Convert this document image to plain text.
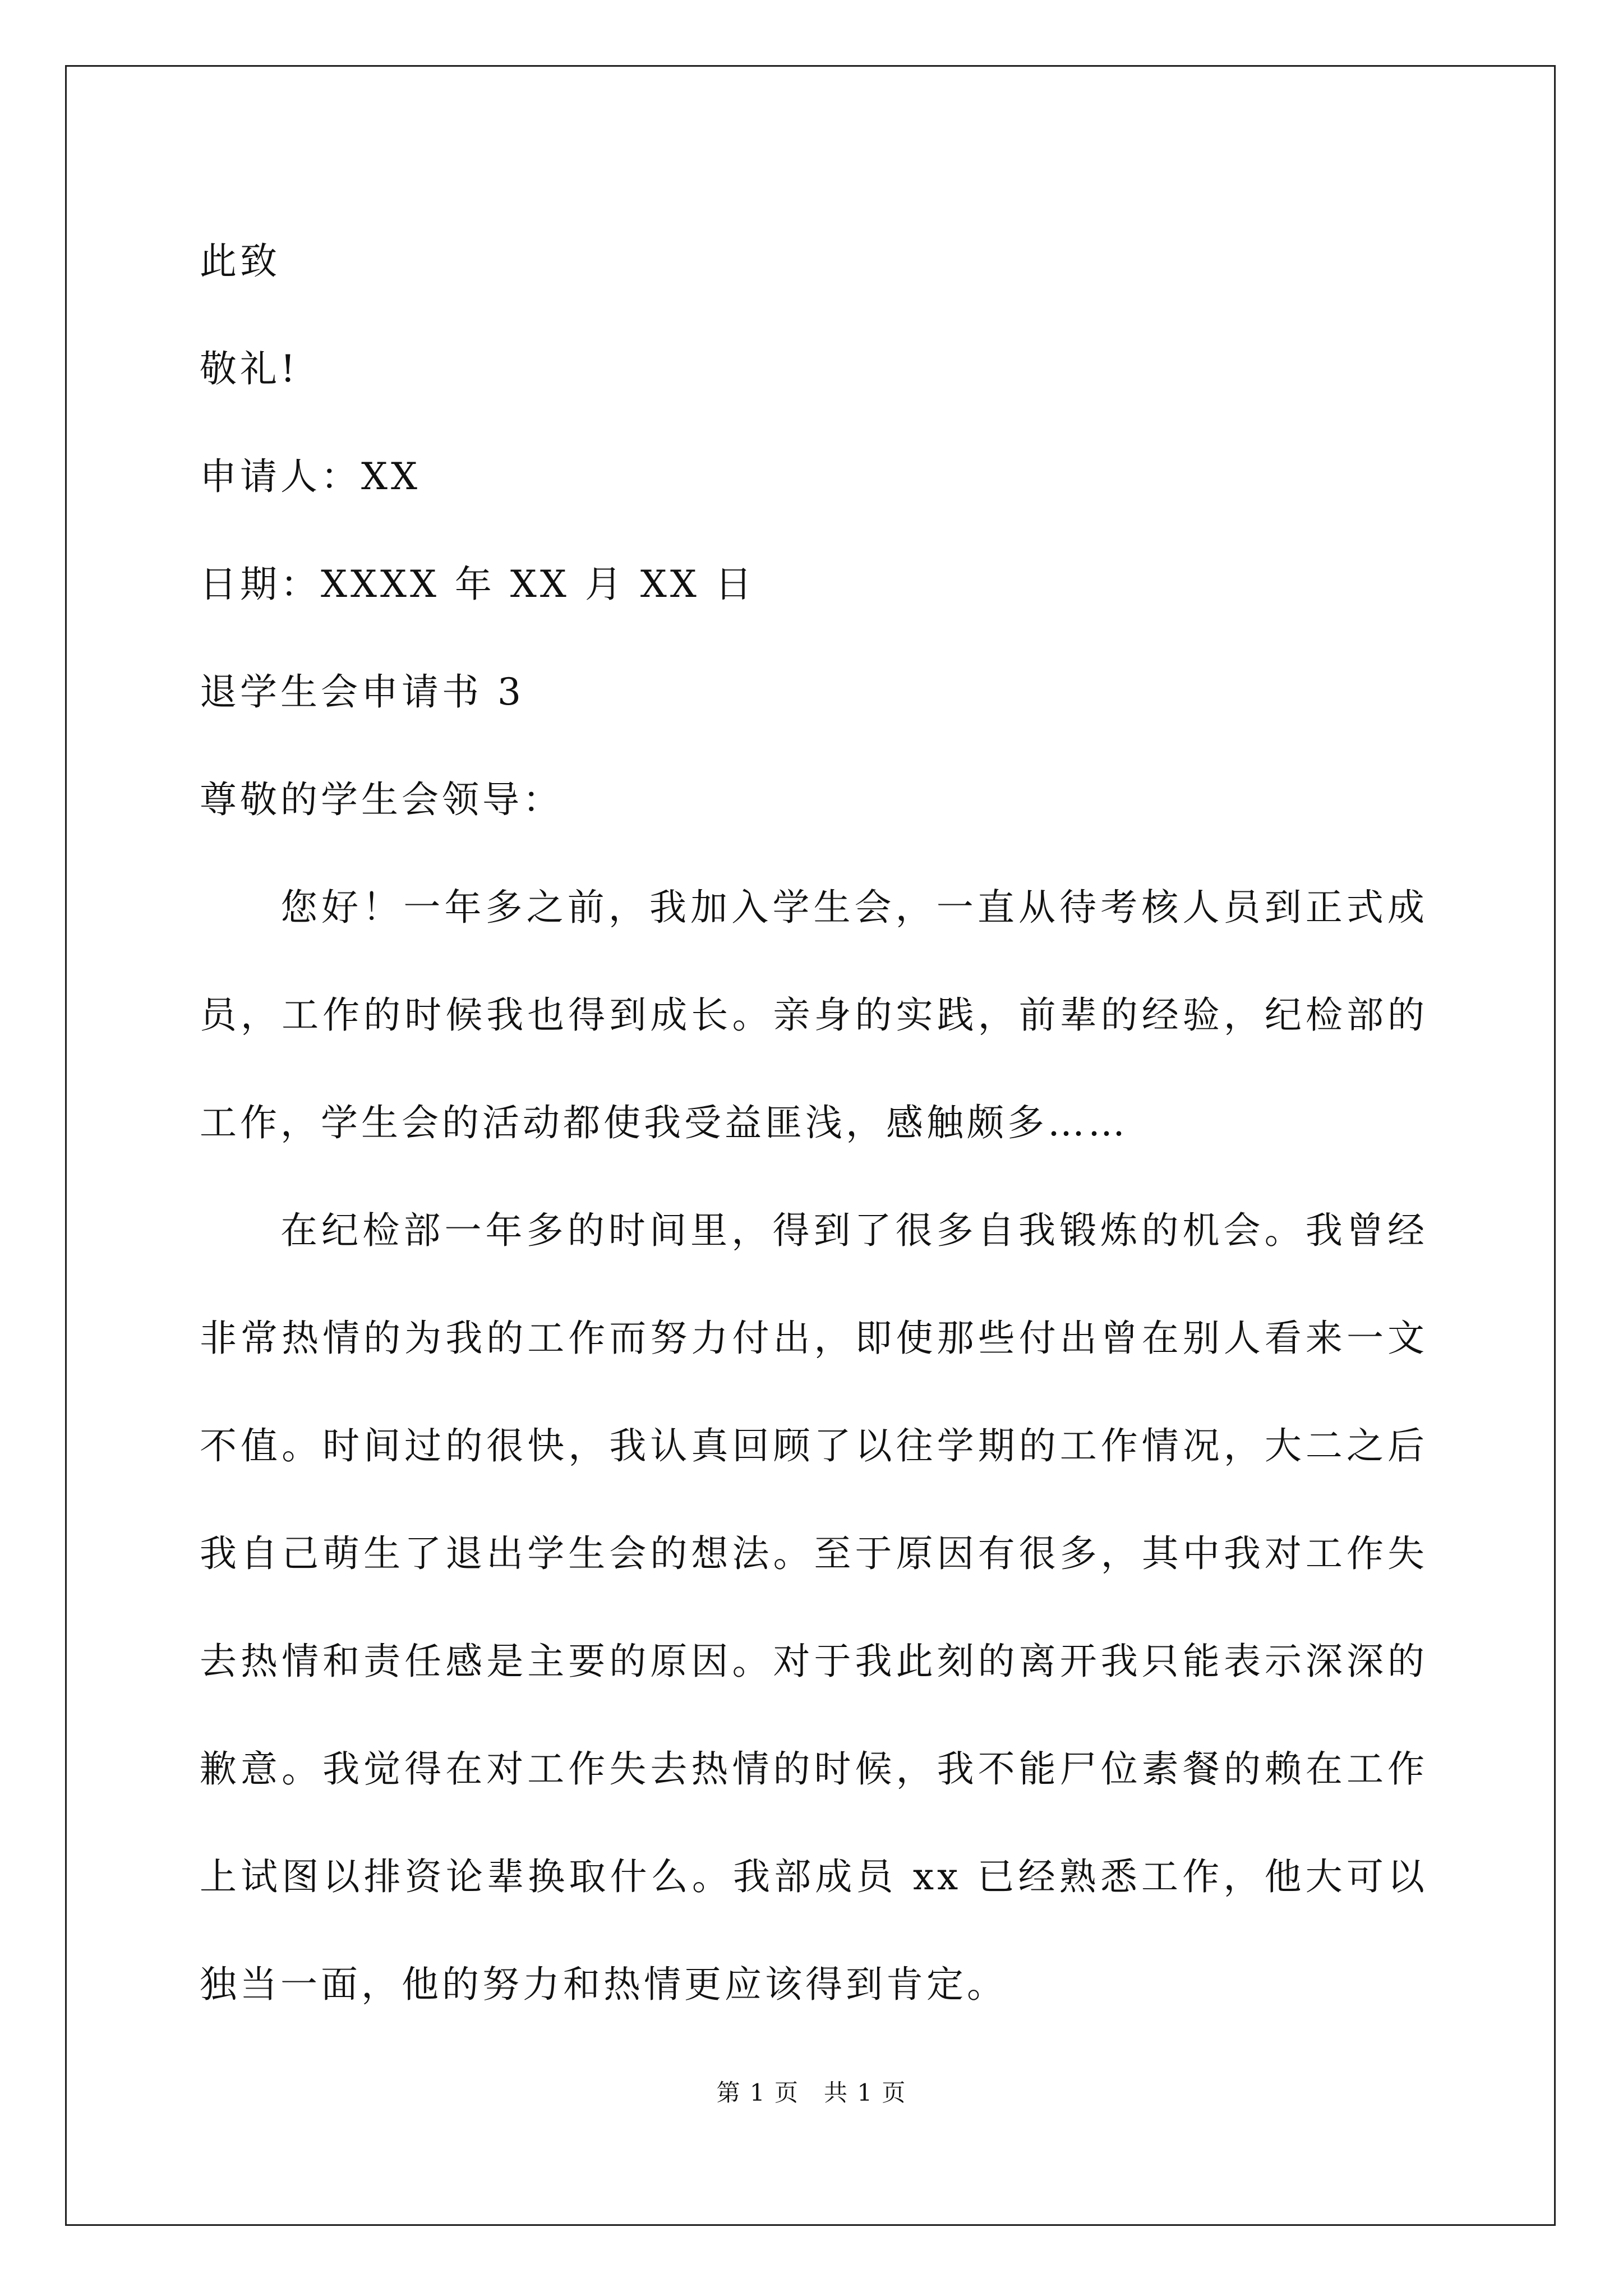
此致
敬礼!
申请人：XX
日期：XXXX 年 XX 月 XX 日
退学生会申请书 3
尊敬的学生会领导：

您好！一年多之前，我加入学生会，一直从待考核人员到正式成员，工作的时候我也得到成长。亲身的实践，前辈的经验，纪检部的工作，学生会的活动都使我受益匪浅，感触颇多……

在纪检部一年多的时间里，得到了很多自我锻炼的机会。我曾经非常热情的为我的工作而努力付出，即使那些付出曾在别人看来一文不值。时间过的很快，我认真回顾了以往学期的工作情况，大二之后我自己萌生了退出学生会的想法。至于原因有很多，其中我对工作失去热情和责任感是主要的原因。对于我此刻的离开我只能表示深深的歉意。我觉得在对工作失去热情的时候，我不能尸位素餐的赖在工作上试图以排资论辈换取什么。我部成员 xx 已经熟悉工作，他大可以独当一面，他的努力和热情更应该得到肯定。

第 1 页　共 1 页
